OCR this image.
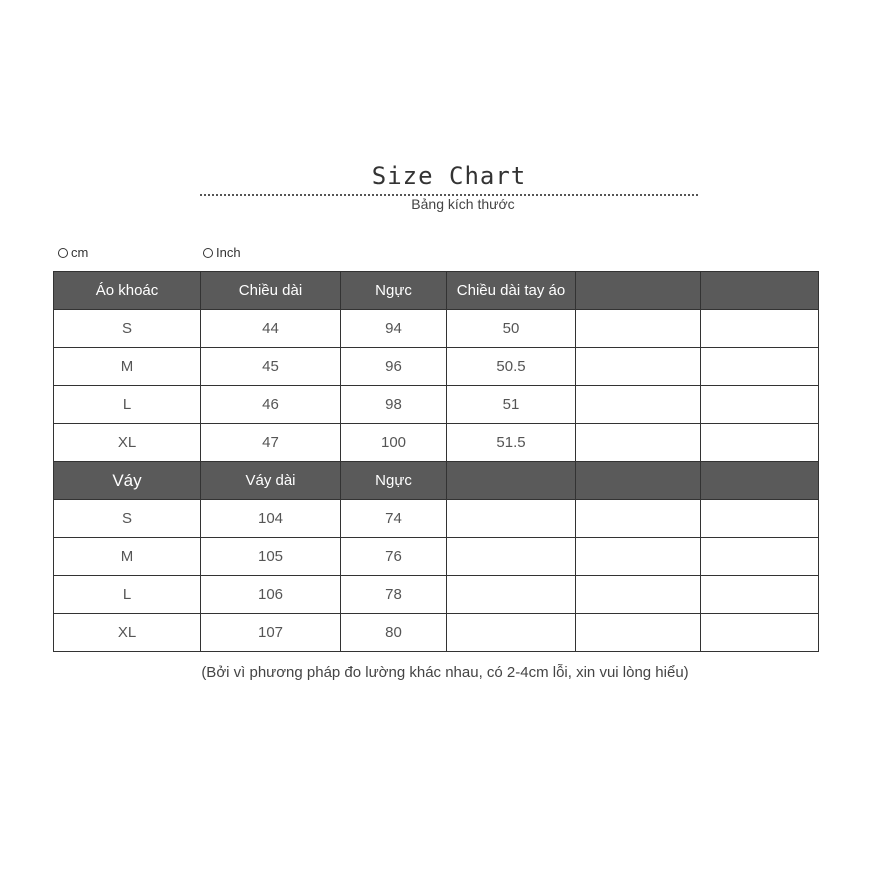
Size Chart
Bảng kích thước
cm	Inch
Áo khoác	Chiều dài	Ngực	Chiều dài tay áo		
S	44	94	50		
M	45	96	50.5		
L	46	98	51		
XL	47	100	51.5		
Váy	Váy dài	Ngực			
S	104	74			
M	105	76			
L	106	78			
XL	107	80			
(Bởi vì phương pháp đo lường khác nhau, có 2-4cm lỗi, xin vui lòng hiểu)
